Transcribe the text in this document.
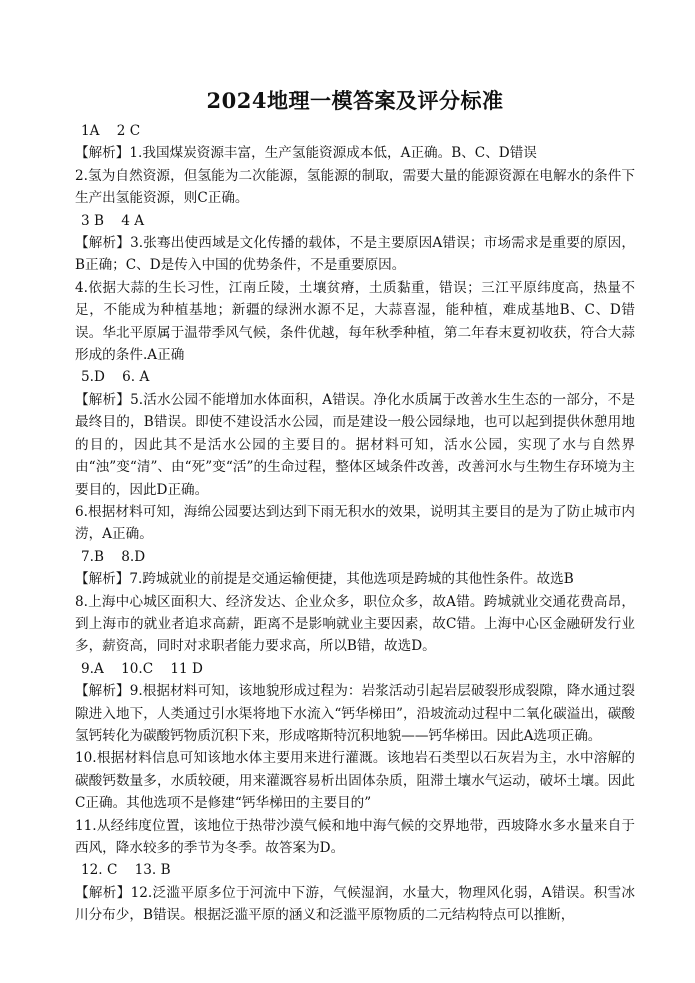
2024地理一模答案及评分标准

1A    2 C

【解析】1.我国煤炭资源丰富，生产氢能资源成本低，A正确。B、C、D错误

2.氢为自然资源，但氢能为二次能源，氢能源的制取，需要大量的能源资源在电解水的条件下生产出氢能资源，则C正确。

3 B    4 A

【解析】3.张骞出使西域是文化传播的载体，不是主要原因A错误；市场需求是重要的原因，B正确；C、D是传入中国的优势条件，不是重要原因。

4.依据大蒜的生长习性，江南丘陵，土壤贫瘠，土质黏重，错误；三江平原纬度高，热量不足，不能成为种植基地；新疆的绿洲水源不足，大蒜喜湿，能种植，难成基地B、C、D错误。华北平原属于温带季风气候，条件优越，每年秋季种植，第二年春末夏初收获，符合大蒜形成的条件.A正确

5.D    6. A

【解析】5.活水公园不能增加水体面积，A错误。净化水质属于改善水生生态的一部分，不是最终目的，B错误。即使不建设活水公园，而是建设一般公园绿地，也可以起到提供休憩用地的目的，因此其不是活水公园的主要目的。据材料可知，活水公园，实现了水与自然界由“浊”变“清”、由“死”变“活”的生命过程，整体区域条件改善，改善河水与生物生存环境为主要目的，因此D正确。

6.根据材料可知，海绵公园要达到达到下雨无积水的效果，说明其主要目的是为了防止城市内涝，A正确。

7.B    8.D

【解析】7.跨城就业的前提是交通运输便捷，其他选项是跨城的其他性条件。故选B

8.上海中心城区面积大、经济发达、企业众多，职位众多，故A错。跨城就业交通花费高昂，到上海市的就业者追求高薪，距离不是影响就业主要因素，故C错。上海中心区金融研发行业多，薪资高，同时对求职者能力要求高，所以B错，故选D。

9.A    10.C    11 D

【解析】9.根据材料可知，该地貌形成过程为：岩浆活动引起岩层破裂形成裂隙，降水通过裂隙进入地下，人类通过引水渠将地下水流入“钙华梯田”，沿坡流动过程中二氧化碳溢出，碳酸氢钙转化为碳酸钙物质沉积下来，形成喀斯特沉积地貌——钙华梯田。因此A选项正确。

10.根据材料信息可知该地水体主要用来进行灌溉。该地岩石类型以石灰岩为主，水中溶解的碳酸钙数量多，水质较硬，用来灌溉容易析出固体杂质，阻滞土壤水气运动，破坏土壤。因此C正确。其他选项不是修建“钙华梯田的主要目的”

11.从经纬度位置，该地位于热带沙漠气候和地中海气候的交界地带，西坡降水多水量来自于西风，降水较多的季节为冬季。故答案为D。

12. C    13. B

【解析】12.泛滥平原多位于河流中下游，气候湿润，水量大，物理风化弱，A错误。积雪冰川分布少，B错误。根据泛滥平原的涵义和泛滥平原物质的二元结构特点可以推断，
